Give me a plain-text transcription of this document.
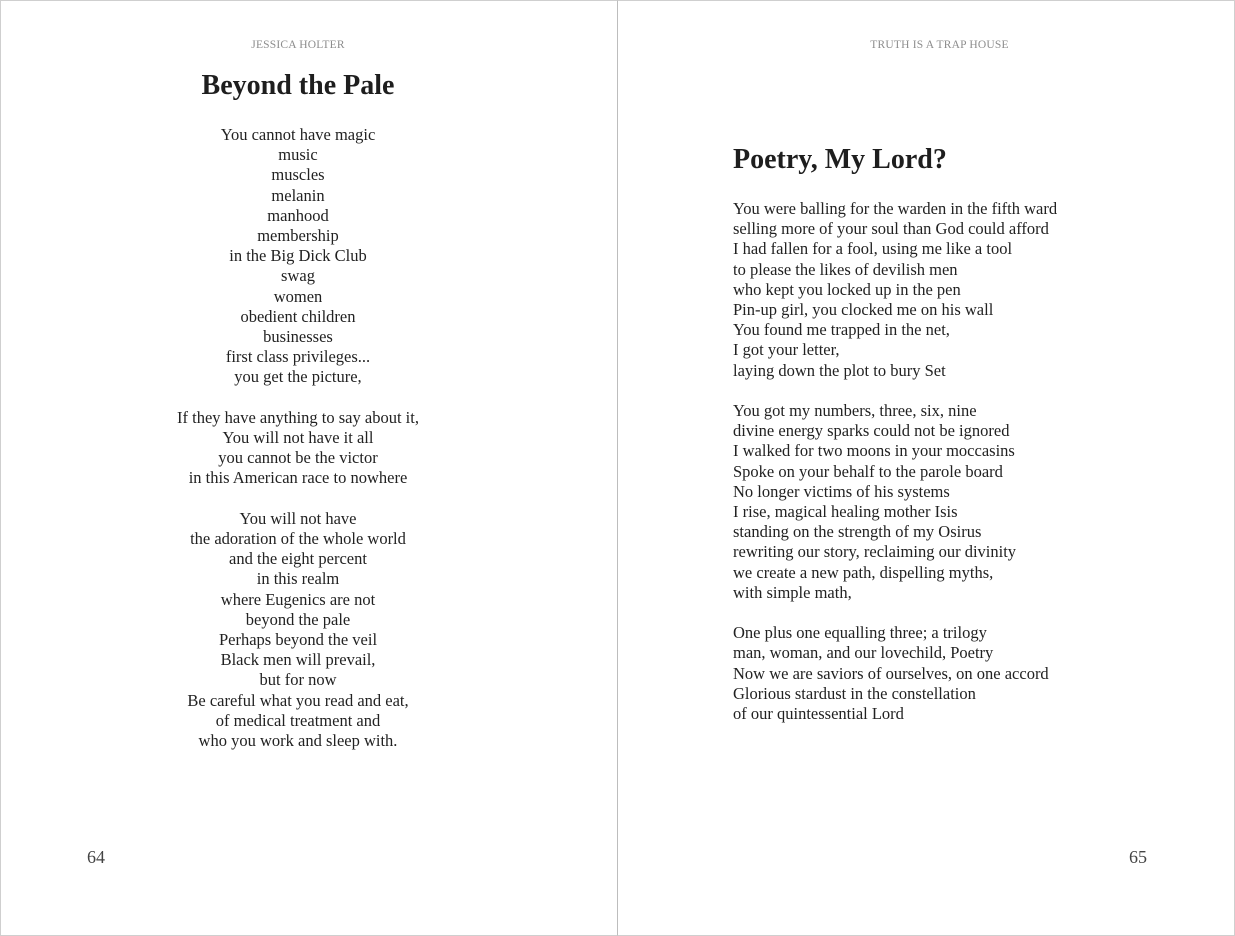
JESSICA HOLTER
Beyond the Pale
You cannot have magic
music
muscles
melanin
manhood
membership
in the Big Dick Club
swag
women
obedient children
businesses
first class privileges...
you get the picture,
If they have anything to say about it,
You will not have it all
you cannot be the victor
in this American race to nowhere
You will not have
the adoration of the whole world
and the eight percent
in this realm
where Eugenics are not
beyond the pale
Perhaps beyond the veil
Black men will prevail,
but for now
Be careful what you read and eat,
of medical treatment and
who you work and sleep with.
64
TRUTH IS A TRAP HOUSE
Poetry, My Lord?
You were balling for the warden in the fifth ward
selling more of your soul than God could afford
I had fallen for a fool, using me like a tool
to please the likes of devilish men
who kept you locked up in the pen
Pin-up girl, you clocked me on his wall
You found me trapped in the net,
I got your letter,
laying down the plot to bury Set
You got my numbers, three, six, nine
divine energy sparks could not be ignored
I walked for two moons in your moccasins
Spoke on your behalf to the parole board
No longer victims of his systems
I rise, magical healing mother Isis
standing on the strength of my Osirus
rewriting our story, reclaiming our divinity
we create a new path, dispelling myths,
with simple math,
One plus one equalling three; a trilogy
man, woman, and our lovechild, Poetry
Now we are saviors of ourselves, on one accord
Glorious stardust in the constellation
of our quintessential Lord
65
